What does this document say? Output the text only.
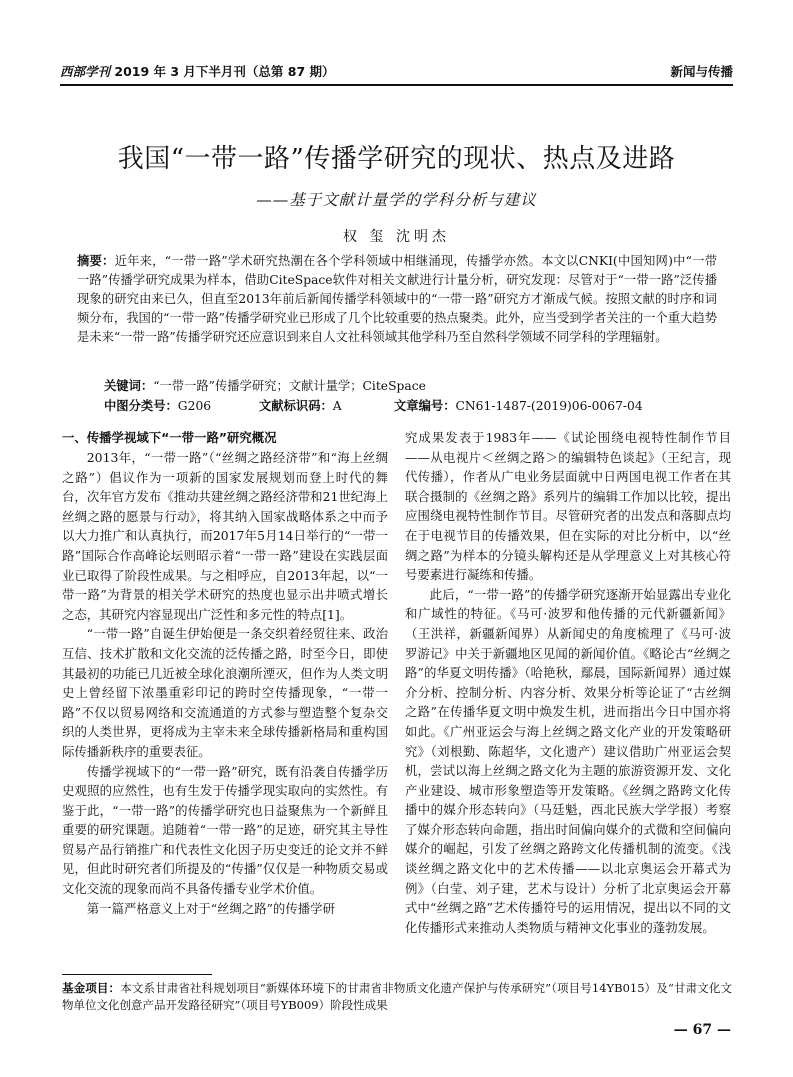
西部学刊 2019 年 3 月下半月刊（总第 87 期）	新闻与传播
我国“一带一路”传播学研究的现状、热点及进路
——基于文献计量学的学科分析与建议
权 玺 沈明杰
摘要：近年来，“一带一路”学术研究热潮在各个学科领域中相继涌现，传播学亦然。本文以CNKI(中国知网)中“一带一路”传播学研究成果为样本，借助CiteSpace软件对相关文献进行计量分析，研究发现：尽管对于“一带一路”泛传播现象的研究由来已久，但直至2013年前后新闻传播学科领域中的“一带一路”研究方才渐成气候。按照文献的时序和词频分布，我国的“一带一路”传播学研究业已形成了几个比较重要的热点聚类。此外，应当受到学者关注的一个重大趋势是未来“一带一路”传播学研究还应意识到来自人文社科领域其他学科乃至自然科学领域不同学科的学理辐射。
关键词：“一带一路”传播学研究；文献计量学；CiteSpace
中图分类号：G206	文献标识码：A	文章编号：CN61-1487-(2019)06-0067-04
一、传播学视域下“一带一路”研究概况

2013年，“一带一路”（“丝绸之路经济带”和“海上丝绸之路”）倡议作为一项新的国家发展规划而登上时代的舞台，次年官方发布《推动共建丝绸之路经济带和21世纪海上丝绸之路的愿景与行动》，将其纳入国家战略体系之中而予以大力推广和认真执行，而2017年5月14日举行的“一带一路”国际合作高峰论坛则昭示着“一带一路”建设在实践层面业已取得了阶段性成果。与之相呼应，自2013年起，以“一带一路”为背景的相关学术研究的热度也显示出井喷式增长之态，其研究内容显现出广泛性和多元性的特点[1]。

“一带一路”自诞生伊始便是一条交织着经贸往来、政治互信、技术扩散和文化交流的泛传播之路，时至今日，即使其最初的功能已几近被全球化浪潮所湮灭，但作为人类文明史上曾经留下浓墨重彩印记的跨时空传播现象，“一带一路”不仅以贸易网络和交流通道的方式参与塑造整个复杂交织的人类世界，更将成为主宰未来全球传播新格局和重构国际传播新秩序的重要表征。

传播学视域下的“一带一路”研究，既有沿袭自传播学历史观照的应然性，也有生发于传播学现实取向的实然性。有鉴于此，“一带一路”的传播学研究也日益聚焦为一个新鲜且重要的研究课题。追随着“一带一路”的足迹，研究其主导性贸易产品行销推广和代表性文化因子历史变迁的论文并不鲜见，但此时研究者们所提及的“传播”仅仅是一种物质交易或文化交流的现象而尚不具备传播专业学术价值。

第一篇严格意义上对于“丝绸之路”的传播学研

究成果发表于1983年——《试论围绕电视特性制作节目——从电视片＜丝绸之路＞的编辑特色谈起》（王纪言，现代传播），作者从广电业务层面就中日两国电视工作者在其联合摄制的《丝绸之路》系列片的编辑工作加以比较，提出应围绕电视特性制作节目。尽管研究者的出发点和落脚点均在于电视节目的传播效果，但在实际的对比分析中，以“丝绸之路”为样本的分镜头解构还是从学理意义上对其核心符号要素进行凝练和传播。

此后，“一带一路”的传播学研究逐渐开始显露出专业化和广域性的特征。《马可·波罗和他传播的元代新疆新闻》（王洪祥，新疆新闻界）从新闻史的角度梳理了《马可·波罗游记》中关于新疆地区见闻的新闻价值。《略论古“丝绸之路”的华夏文明传播》（哈艳秋，鄢晨，国际新闻界）通过媒介分析、控制分析、内容分析、效果分析等论证了“古丝绸之路”在传播华夏文明中焕发生机，进而指出今日中国亦将如此。《广州亚运会与海上丝绸之路文化产业的开发策略研究》（刘根勤、陈超华，文化遗产）建议借助广州亚运会契机，尝试以海上丝绸之路文化为主题的旅游资源开发、文化产业建设、城市形象塑造等开发策略。《丝绸之路跨文化传播中的媒介形态转向》（马廷魁，西北民族大学学报）考察了媒介形态转向命题，指出时间偏向媒介的式微和空间偏向媒介的崛起，引发了丝绸之路跨文化传播机制的流变。《浅谈丝绸之路文化中的艺术传播——以北京奥运会开幕式为例》（白莹、刘子建，艺术与设计）分析了北京奥运会开幕式中“丝绸之路”艺术传播符号的运用情况，提出以不同的文化传播形式来推动人类物质与精神文化事业的蓬勃发展。

基金项目：本文系甘肃省社科规划项目“新媒体环境下的甘肃省非物质文化遗产保护与传承研究”（项目号14YB015）及“甘肃文化文物单位文化创意产品开发路径研究”（项目号YB009）阶段性成果
— 67 —
